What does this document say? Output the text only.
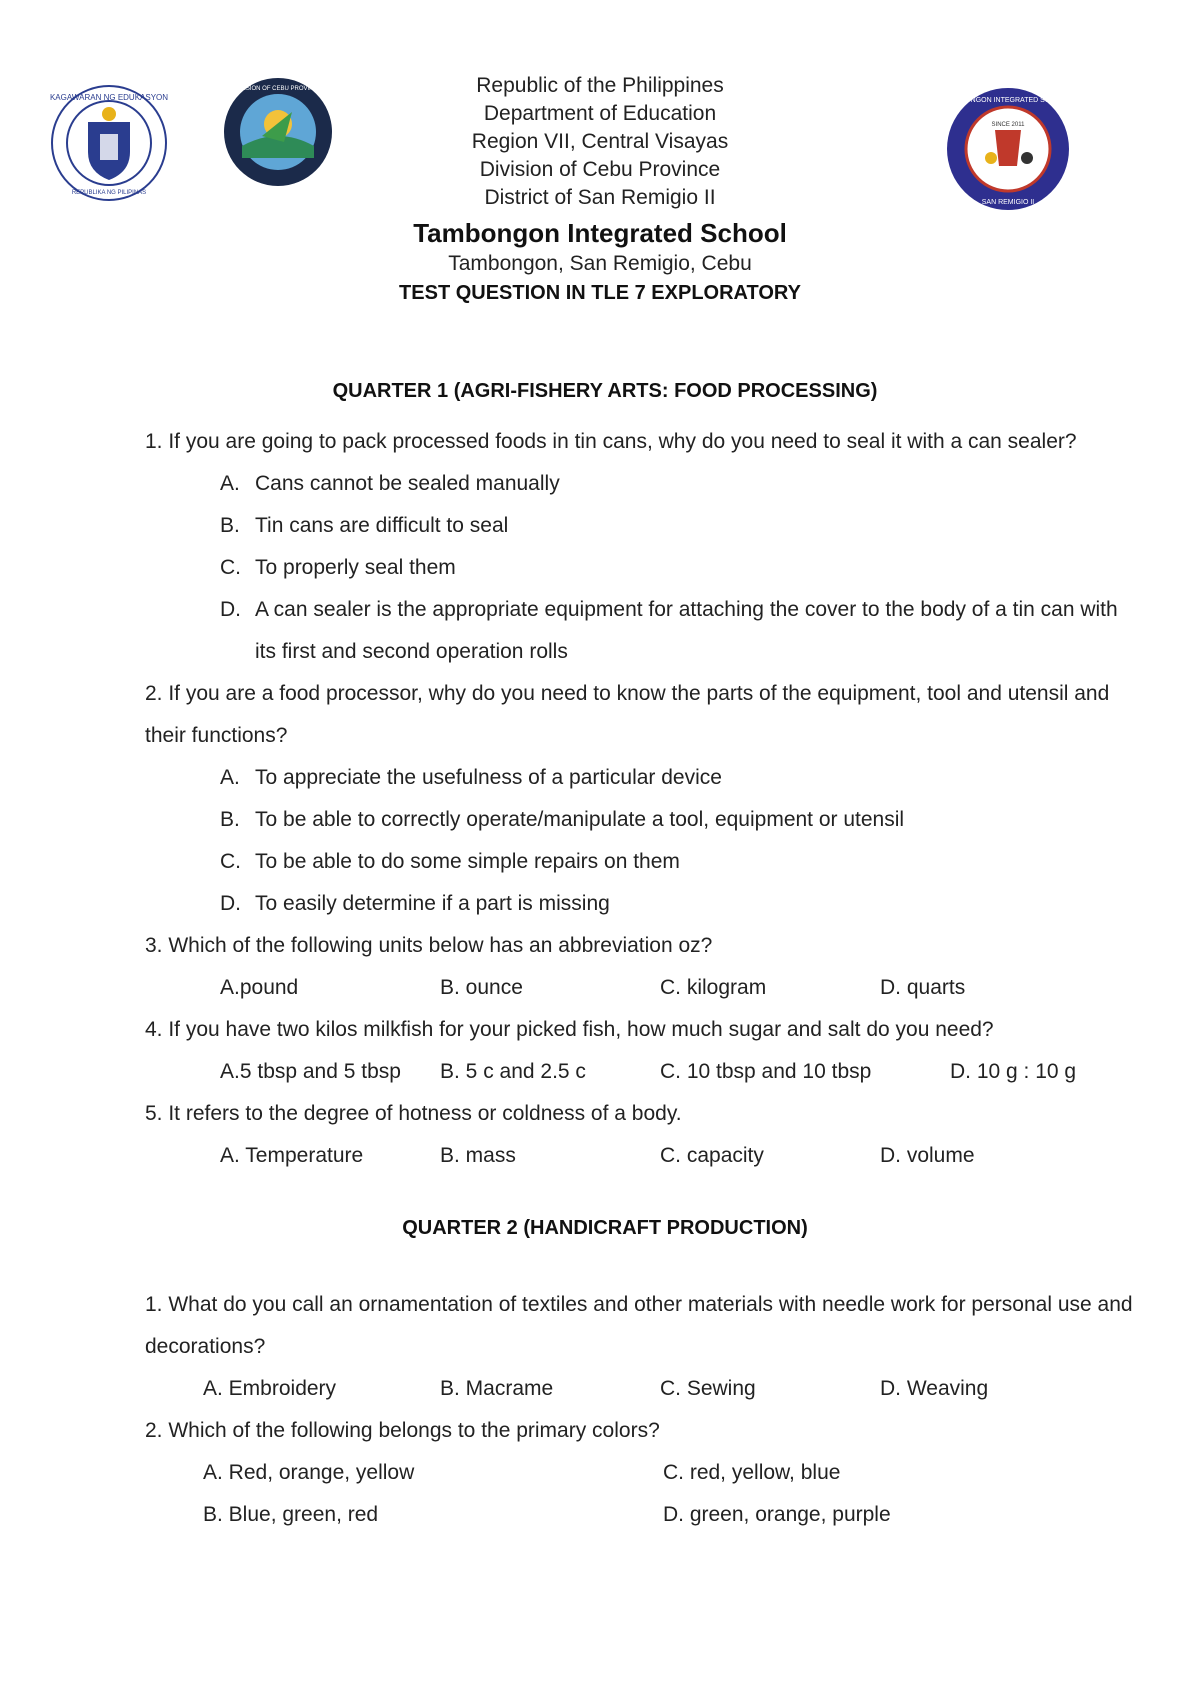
KAGAWARAN NG EDUKASYON
REPUBLIKA NG PILIPINAS
DIVISION OF CEBU PROVINCE
SINCE 2011
TAMBONGON INTEGRATED SCHOOL
SAN REMIGIO II
Republic of the Philippines
Department of Education
Region VII, Central Visayas
Division of Cebu Province
District of San Remigio II
Tambongon Integrated School
Tambongon, San Remigio, Cebu
TEST QUESTION IN TLE 7 EXPLORATORY
QUARTER 1 (AGRI-FISHERY ARTS: FOOD PROCESSING)
1. If you are going to pack processed foods in tin cans, why do you need to seal it with a can sealer?
A. Cans cannot be sealed manually
B. Tin cans are difficult to seal
C. To properly seal them
D. A can sealer is the appropriate equipment for attaching the cover to the body of a tin can with its first and second operation rolls
2. If you are a food processor, why do you need to know the parts of the equipment, tool and utensil and their functions?
A. To appreciate the usefulness of a particular device
B. To be able to correctly operate/manipulate a tool, equipment or utensil
C. To be able to do some simple repairs on them
D. To easily determine if a part is missing
3. Which of the following units below has an abbreviation oz?
A.pound	B. ounce	C. kilogram	D. quarts
4. If you have two kilos milkfish for your picked fish, how much sugar and salt do you need?
A.5 tbsp and 5 tbsp	B. 5 c and 2.5 c	C. 10 tbsp and 10 tbsp	D. 10 g : 10 g
5. It refers to the degree of hotness or coldness of a body.
A. Temperature	B. mass	C. capacity	D. volume
QUARTER 2 (HANDICRAFT PRODUCTION)
1. What do you call an ornamentation of textiles and other materials with needle work for personal use and decorations?
A. Embroidery	B. Macrame	C. Sewing	D. Weaving
2. Which of the following belongs to the primary colors?
A. Red, orange, yellow	C. red, yellow, blue
B. Blue, green, red	D. green, orange, purple
